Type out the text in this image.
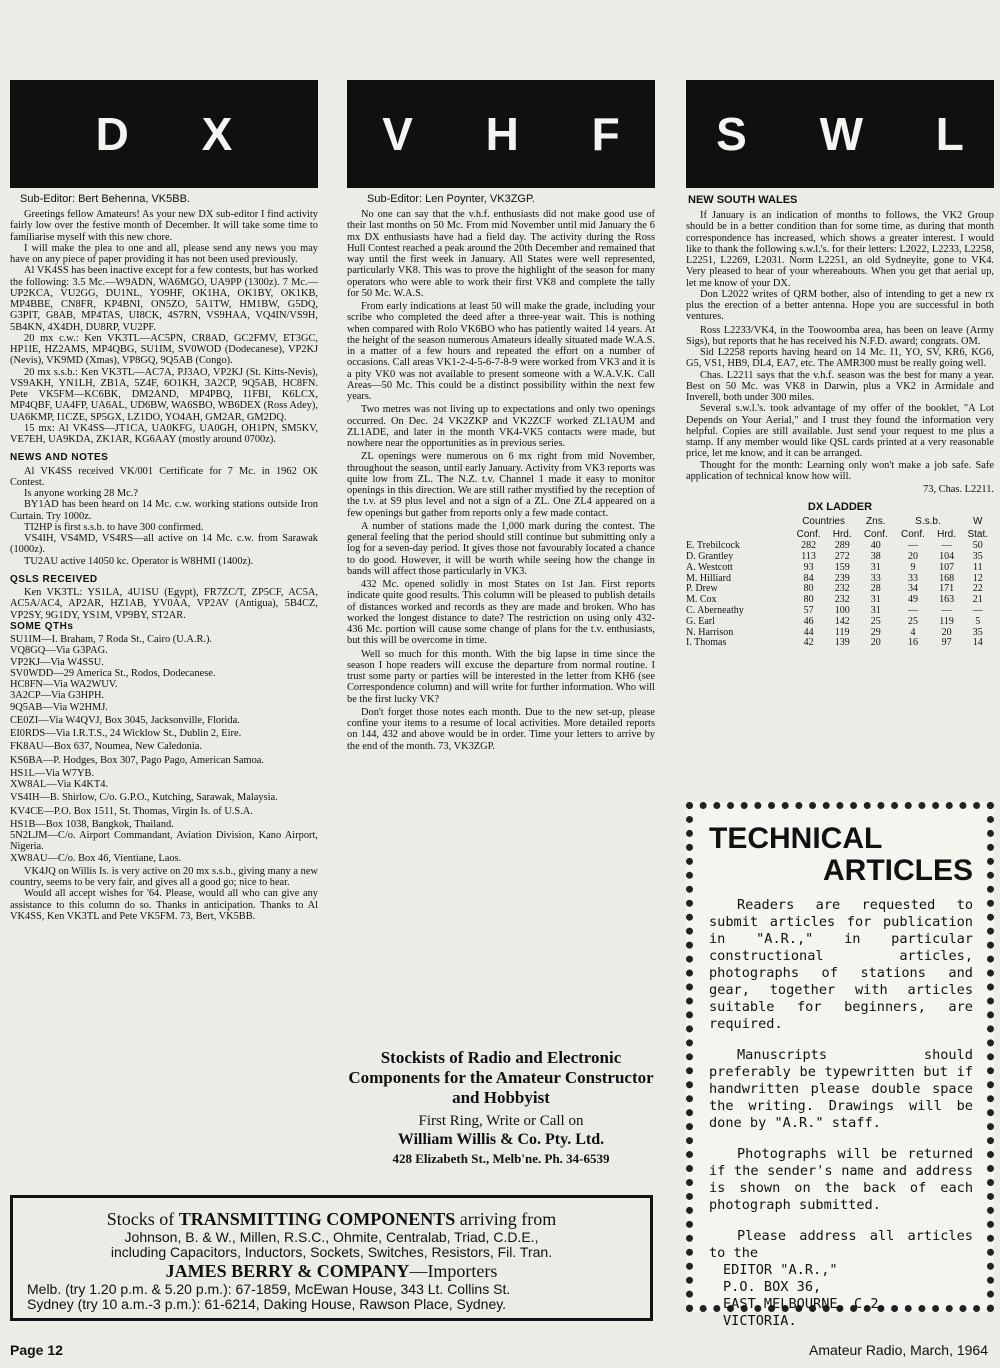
D X
Sub-Editor: Bert Behenna, VK5BB.

Greetings fellow Amateurs! As your new DX sub-editor I find activity fairly low over the festive month of December. It will take some time to familiarise myself with this new chore.

I will make the plea to one and all, please send any news you may have on any piece of paper providing it has not been used previously.

Al VK4SS has been inactive except for a few contests, but has worked the following: 3.5 Mc.—W9ADN, WA6MGO, UA9PP (1300z). 7 Mc.—UP2KCA, VU2GG, DU1NL, YO9HF, OK1HA, OK1BY, OK1KB, MP4BBE, CN8FR, KP4BNI, ON5ZO, 5A1TW, HM1BW, G5DQ, G3PIT, G8AB, MP4TAS, UI8CK, 4S7RN, VS9HAA, VQ4IN/VS9H, 5B4KN, 4X4DH, DU8RP, VU2PF.

20 mx c.w.: Ken VK3TL—AC5PN, CR8AD, GC2FMV, ET3GC, HP1IE, HZ2AMS, MP4QBG, SU1IM, SV0WOD (Dodecanese), VP2KJ (Nevis), VK9MD (Xmas), VP8GQ, 9Q5AB (Congo).

20 mx s.s.b.: Ken VK3TL—AC7A, PJ3AO, VP2KJ (St. Kitts-Nevis), VS9AKH, YN1LH, ZB1A, 5Z4F, 6O1KH, 3A2CP, 9Q5AB, HC8FN. Pete VK5FM—KC6BK, DM2AND, MP4PBQ, I1FBI, K6LCX, MP4QBF, UA4FP, UA6AL, UD6BW, WA6SBO, WB6DEX (Ross Adey), UA6KMP, I1CZE, SP5GX, LZ1DO, YO4AH, GM2AR, GM2DQ.

15 mx: Al VK4SS—JT1CA, UA0KFG, UA0GH, OH1PN, SM5KV, VE7EH, UA9KDA, ZK1AR, KG6AAY (mostly around 0700z).

NEWS AND NOTES

Al VK4SS received VK/001 Certificate for 7 Mc. in 1962 OK Contest.

Is anyone working 28 Mc.?

BY1AD has been heard on 14 Mc. c.w. working stations outside Iron Curtain. Try 1000z.

TI2HP is first s.s.b. to have 300 confirmed.

VS4IH, VS4MD, VS4RS—all active on 14 Mc. c.w. from Sarawak (1000z).

TU2AU active 14050 kc. Operator is W8HMI (1400z).

QSLS RECEIVED

Ken VK3TL: YS1LA, 4U1SU (Egypt), FR7ZC/T, ZP5CF, AC5A, AC5A/AC4, AP2AR, HZ1AB, YV0AA, VP2AV (Antigua), 5B4CZ, VP2SY, 9G1DY, YS1M, VP9BY, ST2AR.

SOME QTHs

SU1IM—I. Braham, 7 Roda St., Cairo (U.A.R.).

VQ8GQ—Via G3PAG.

VP2KJ—Via W4SSU.

SV0WDD—29 America St., Rodos, Dodecanese.

HC8FN—Via WA2WUV.

3A2CP—Via G3HPH.

9Q5AB—Via W2HMJ.

CE0ZI—Via W4QVJ, Box 3045, Jacksonville, Florida.

EI0RDS—Via I.R.T.S., 24 Wicklow St., Dublin 2, Eire.

FK8AU—Box 637, Noumea, New Caledonia.

KS6BA—P. Hodges, Box 307, Pago Pago, American Samoa.

HS1L—Via W7YB.

XW8AL—Via K4KT4.

VS4IH—B. Shirlow, C/o. G.P.O., Kutching, Sarawak, Malaysia.

KV4CE—P.O. Box 1511, St. Thomas, Virgin Is. of U.S.A.

HS1B—Box 1038, Bangkok, Thailand.

5N2LJM—C/o. Airport Commandant, Aviation Division, Kano Airport, Nigeria.

XW8AU—C/o. Box 46, Vientiane, Laos.

VK4JQ on Willis Is. is very active on 20 mx s.s.b., giving many a new country, seems to be very fair, and gives all a good go; nice to hear.

Would all accept wishes for '64. Please, would all who can give any assistance to this column do so. Thanks in anticipation. Thanks to Al VK4SS, Ken VK3TL and Pete VK5FM. 73, Bert, VK5BB.

V H F
Sub-Editor: Len Poynter, VK3ZGP.

No one can say that the v.h.f. enthusiasts did not make good use of their last months on 50 Mc. From mid November until mid January the 6 mx DX enthusiasts have had a field day. The activity during the Ross Hull Contest reached a peak around the 20th December and remained that way until the first week in January. All States were well represented, particularly VK8. This was to prove the highlight of the season for many operators who were able to work their first VK8 and complete the tally for 50 Mc. W.A.S.

From early indications at least 50 will make the grade, including your scribe who completed the deed after a three-year wait. This is nothing when compared with Rolo VK6BO who has patiently waited 14 years. At the height of the season numerous Amateurs ideally situated made W.A.S. in a matter of a few hours and repeated the effort on a number of occasions. Call areas VK1-2-4-5-6-7-8-9 were worked from VK3 and it is a pity VK0 was not available to present someone with a W.A.V.K. Call Areas—50 Mc. This could be a distinct possibility within the next few years.

Two metres was not living up to expectations and only two openings occurred. On Dec. 24 VK2ZKP and VK2ZCF worked ZL1AUM and ZL1ADE, and later in the month VK4-VK5 contacts were made, but nowhere near the opportunities as in previous series.

ZL openings were numerous on 6 mx right from mid November, throughout the season, until early January. Activity from VK3 reports was quite low from ZL. The N.Z. t.v. Channel 1 made it easy to monitor openings in this direction. We are still rather mystified by the reception of the t.v. at S9 plus level and not a sign of a ZL. One ZL4 appeared on a few openings but gather from reports only a few made contact.

A number of stations made the 1,000 mark during the contest. The general feeling that the period should still continue but submitting only a log for a seven-day period. It gives those not favourably located a chance to do good. However, it will be worth while seeing how the change in bands will affect those particularly in VK3.

432 Mc. opened solidly in most States on 1st Jan. First reports indicate quite good results. This column will be pleased to publish details of distances worked and records as they are made and broken. Who has worked the longest distance to date? The restriction on using only 432-436 Mc. portion will cause some change of plans for the t.v. enthusiasts, but this will be overcome in time.

Well so much for this month. With the big lapse in time since the season I hope readers will excuse the departure from normal routine. I trust some party or parties will be interested in the letter from KH6 (see Correspondence column) and will write for further information. Who will be the first lucky VK?

Don't forget those notes each month. Due to the new set-up, please confine your items to a resume of local activities. More detailed reports on 144, 432 and above would be in order. Time your letters to arrive by the end of the month. 73, VK3ZGP.

Stockists of Radio and Electronic Components for the Amateur Constructor and Hobbyist
First Ring, Write or Call on
William Willis & Co. Pty. Ltd.
428 Elizabeth St., Melb'ne. Ph. 34-6539
S W L
NEW SOUTH WALES

If January is an indication of months to follows, the VK2 Group should be in a better condition than for some time, as during that month correspondence has increased, which shows a greater interest. I would like to thank the following s.w.l.'s. for their letters: L2022, L2233, L2258, L2251, L2269, L2031. Norm L2251, an old Sydneyite, gone to VK4. Very pleased to hear of your whereabouts. When you get that aerial up, let me know of your DX.

Don L2022 writes of QRM bother, also of intending to get a new rx plus the erection of a better antenna. Hope you are successful in both ventures.

Ross L2233/VK4, in the Toowoomba area, has been on leave (Army Sigs), but reports that he has received his N.F.D. award; congrats. OM.

Sid L2258 reports having heard on 14 Mc. I1, YO, SV, KR6, KG6, G5, VS1, HB9, DL4, EA7, etc. The AMR300 must be really going well.

Chas. L2211 says that the v.h.f. season was the best for many a year. Best on 50 Mc. was VK8 in Darwin, plus a VK2 in Armidale and Inverell, both under 300 miles.

Several s.w.l.'s. took advantage of my offer of the booklet, "A Lot Depends on Your Aerial," and I trust they found the information very helpful. Copies are still available. Just send your request to me plus a stamp. If any member would like QSL cards printed at a very reasonable price, let me know, and it can be arranged.

Thought for the month: Learning only won't make a job safe. Safe application of technical know how will.

73, Chas. L2211.
DX LADDER
	Countries		Zns.	S.s.b.		W
	Conf.	Hrd.	Conf.	Conf.	Hrd.	Stat.
E. Trebilcock	282	289	40	—	—	50
D. Grantley	113	272	38	20	104	35
A. Westcott	93	159	31	9	107	11
M. Hilliard	84	239	33	33	168	12
P. Drew	80	232	28	34	171	22
M. Cox	80	232	31	49	163	21
C. Aberneathy	57	100	31	—	—	—
G. Earl	46	142	25	25	119	5
N. Harrison	44	119	29	4	20	35
I. Thomas	42	139	20	16	97	14
TECHNICAL
ARTICLES

Readers are requested to submit articles for publication in "A.R.," in particular constructional articles, photographs of stations and gear, together with articles suitable for beginners, are required.

Manuscripts should preferably be typewritten but if handwritten please double space the writing. Drawings will be done by "A.R." staff.

Photographs will be returned if the sender's name and address is shown on the back of each photograph submitted.

Please address all articles to the

EDITOR "A.R.,"
P.O. BOX 36,
EAST MELBOURNE, C.2,
VICTORIA.
Stocks of TRANSMITTING COMPONENTS arriving from
Johnson, B. & W., Millen, R.S.C., Ohmite, Centralab, Triad, C.D.E.,
including Capacitors, Inductors, Sockets, Switches, Resistors, Fil. Tran.
JAMES BERRY & COMPANY—Importers
Melb. (try 1.20 p.m. & 5.20 p.m.): 67-1859, McEwan House, 343 Lt. Collins St.
Sydney (try 10 a.m.-3 p.m.): 61-6214, Daking House, Rawson Place, Sydney.
Page 12	Amateur Radio, March, 1964
